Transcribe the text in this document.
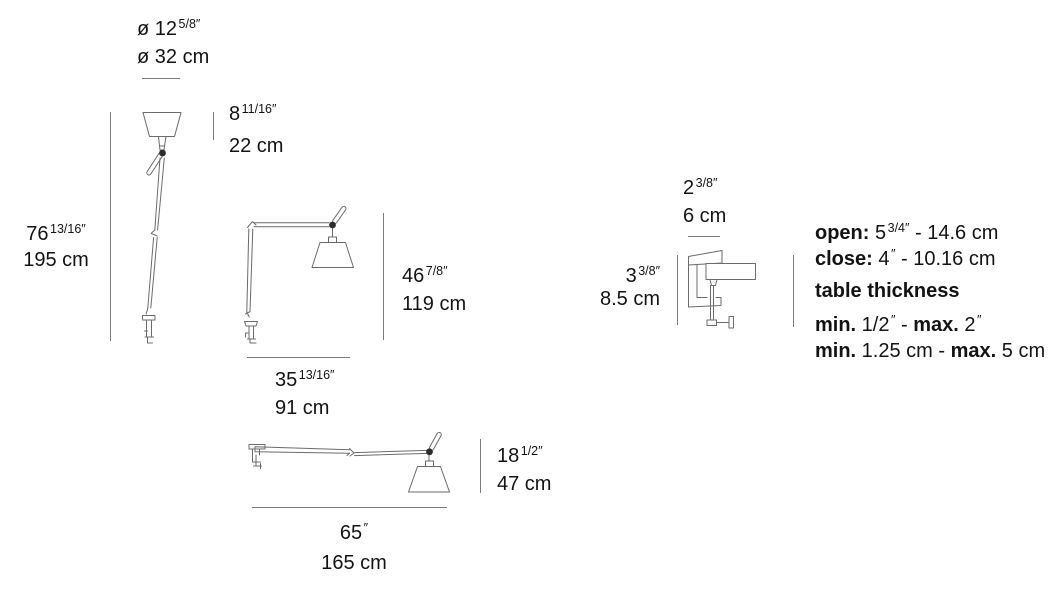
ø 12 $^{5/8''}$
ø 32 cm
8 $^{11/16''}$
22 cm
76 $^{13/16''}$
195 cm
46 $^{7/8''}$
119 cm
35 $^{13/16''}$
91 cm
18 $^{1/2''}$
47 cm
65 ″
165 cm
2 $^{3/8''}$
6 cm
3 $^{3/8''}$
8.5 cm
open: 5 $^{3/4''}$ - 14.6 cm
close: 4 ″ - 10.16 cm
table thickness
min. 1/2 ″ - max. 2 ″
min. 1.25 cm - max. 5 cm
